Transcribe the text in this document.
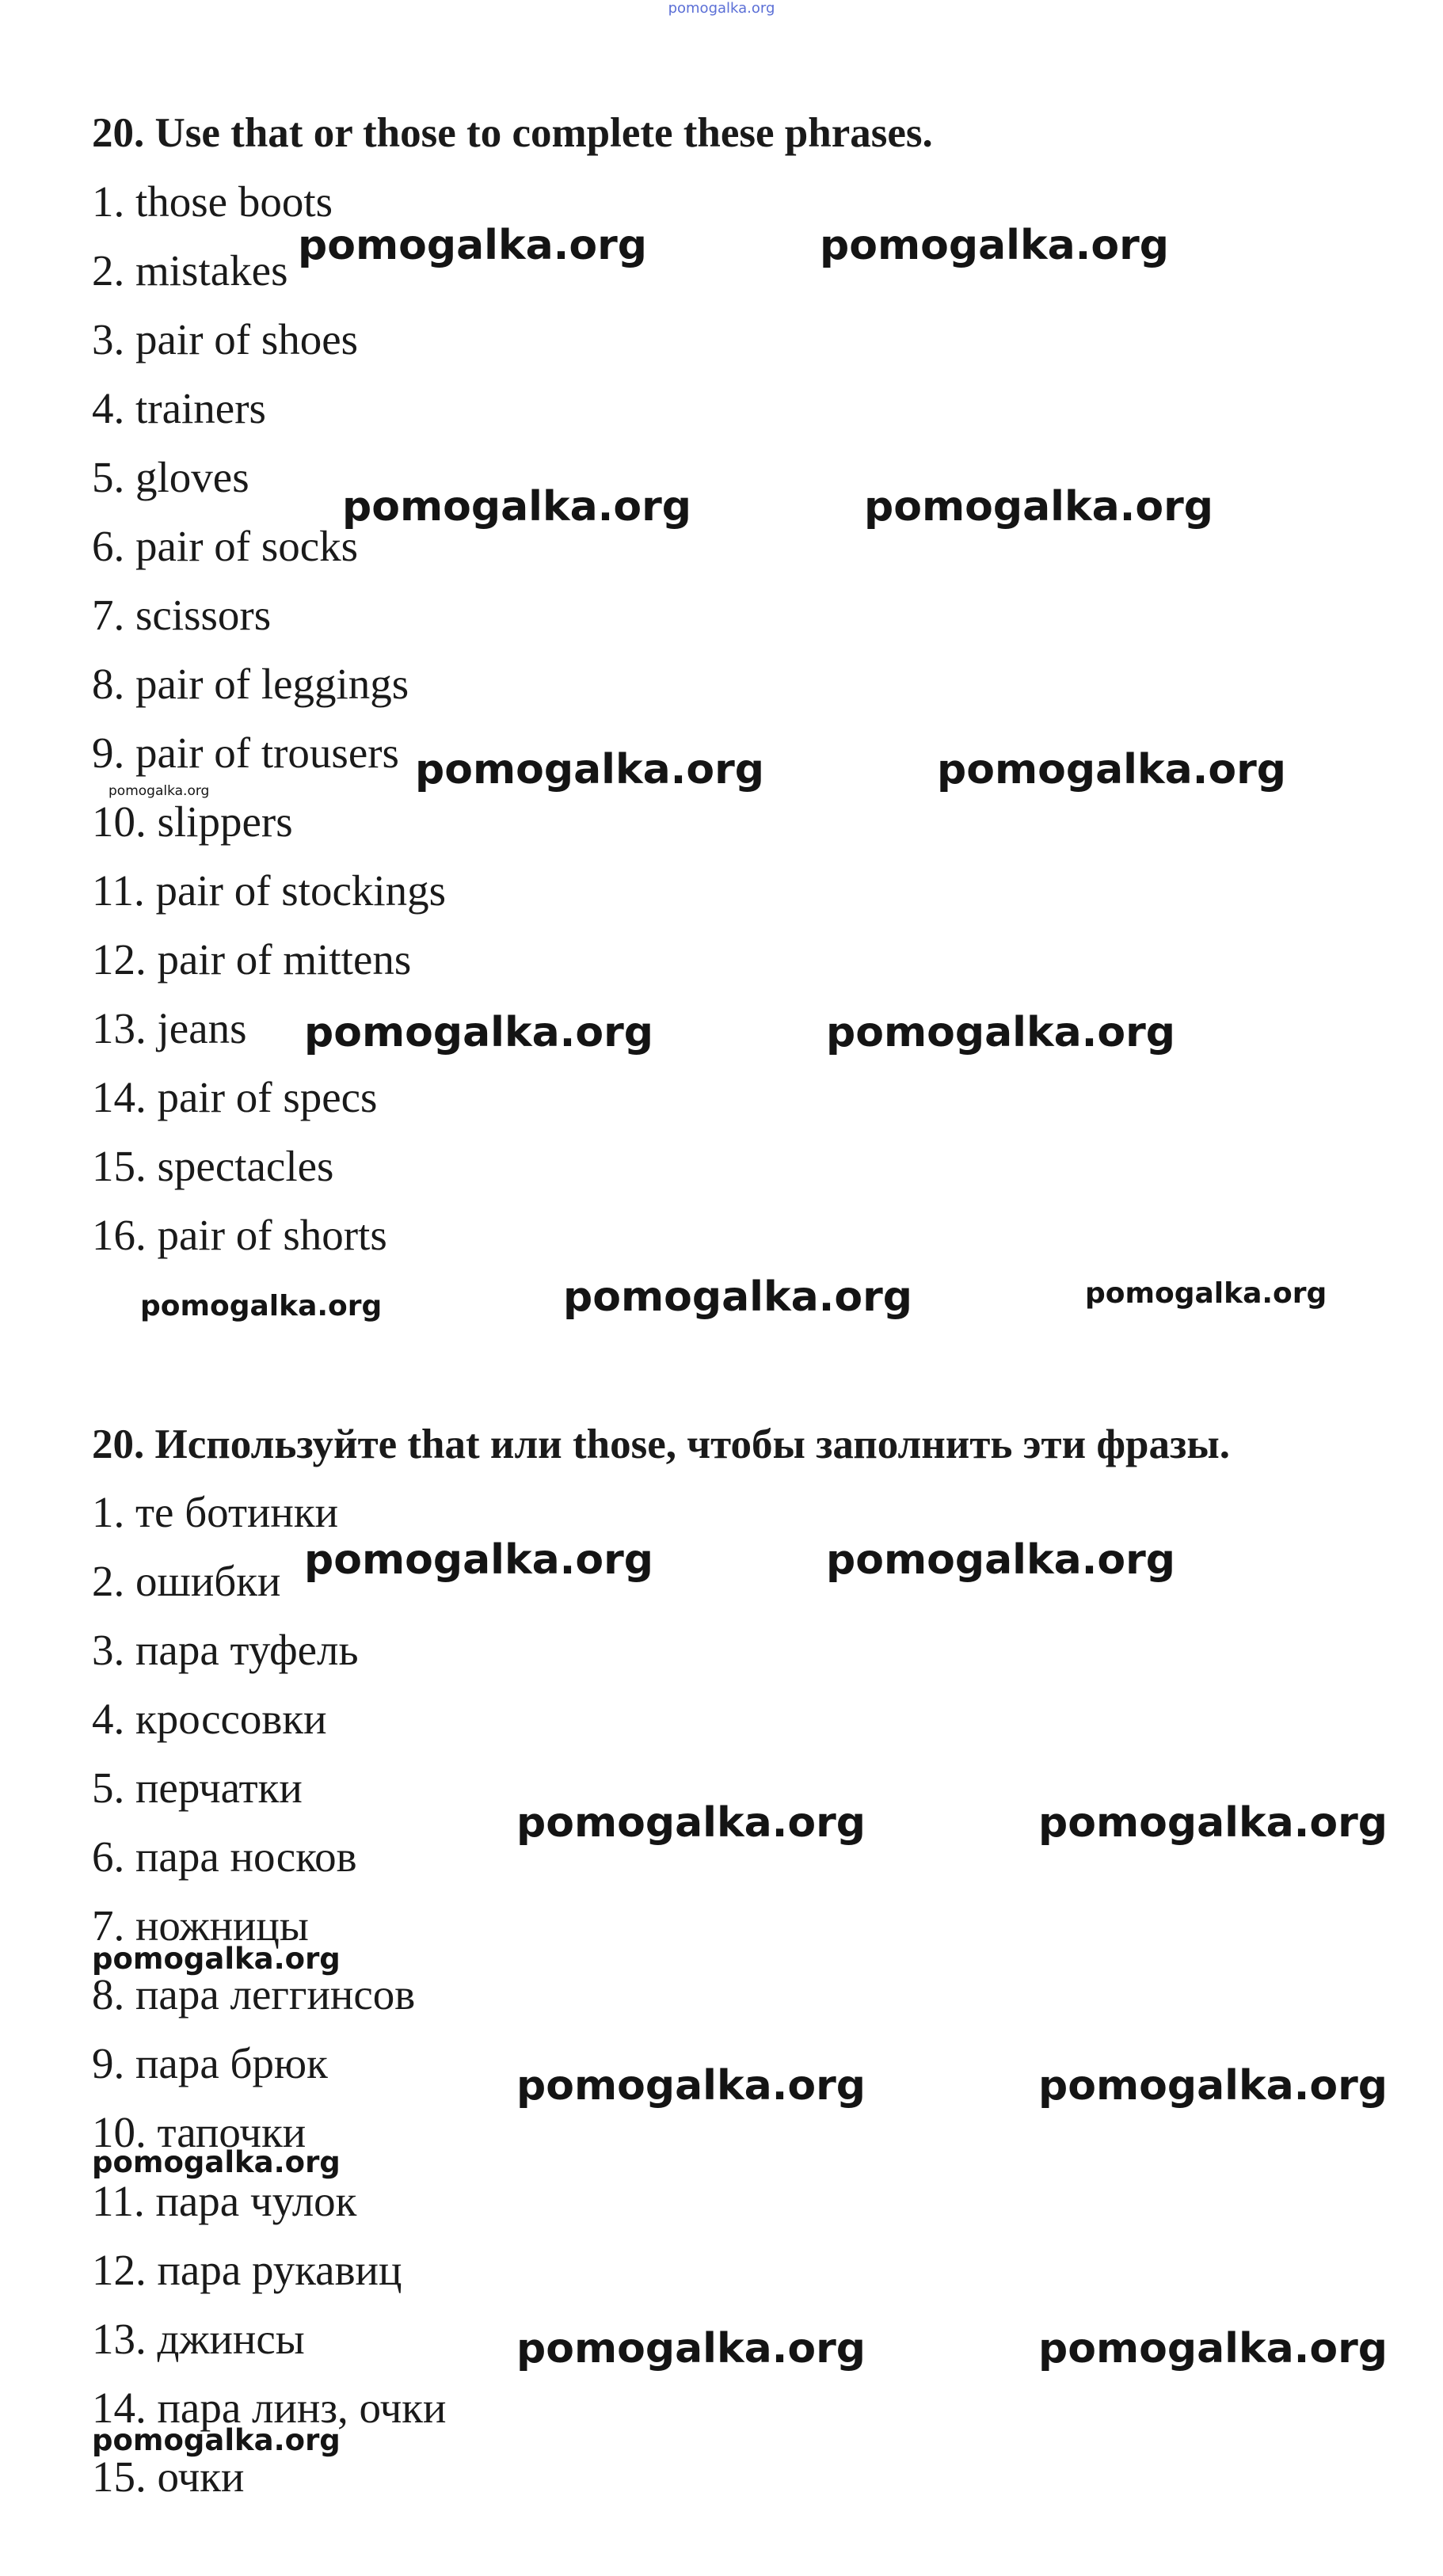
pomogalka.org
20. Use that or those to complete these phrases.
1. those boots
2. mistakes
3. pair of shoes
4. trainers
5. gloves
6. pair of socks
7. scissors
8. pair of leggings
9. pair of trousers
10. slippers
11. pair of stockings
12. pair of mittens
13. jeans
14. pair of specs
15. spectacles
16. pair of shorts
20. Используйте that или those, чтобы заполнить эти фразы.
1. те ботинки
2. ошибки
3. пара туфель
4. кроссовки
5. перчатки
6. пара носков
7. ножницы
8. пара леггинсов
9. пара брюк
10. тапочки
11. пара чулок
12. пара рукавиц
13. джинсы
14. пара линз, очки
15. очки
pomogalka.org	pomogalka.org
pomogalka.org	pomogalka.org
pomogalka.org	pomogalka.org
pomogalka.org
pomogalka.org	pomogalka.org
pomogalka.org	pomogalka.org	pomogalka.org
pomogalka.org	pomogalka.org
pomogalka.org	pomogalka.org
pomogalka.org
pomogalka.org	pomogalka.org
pomogalka.org
pomogalka.org	pomogalka.org
pomogalka.org
